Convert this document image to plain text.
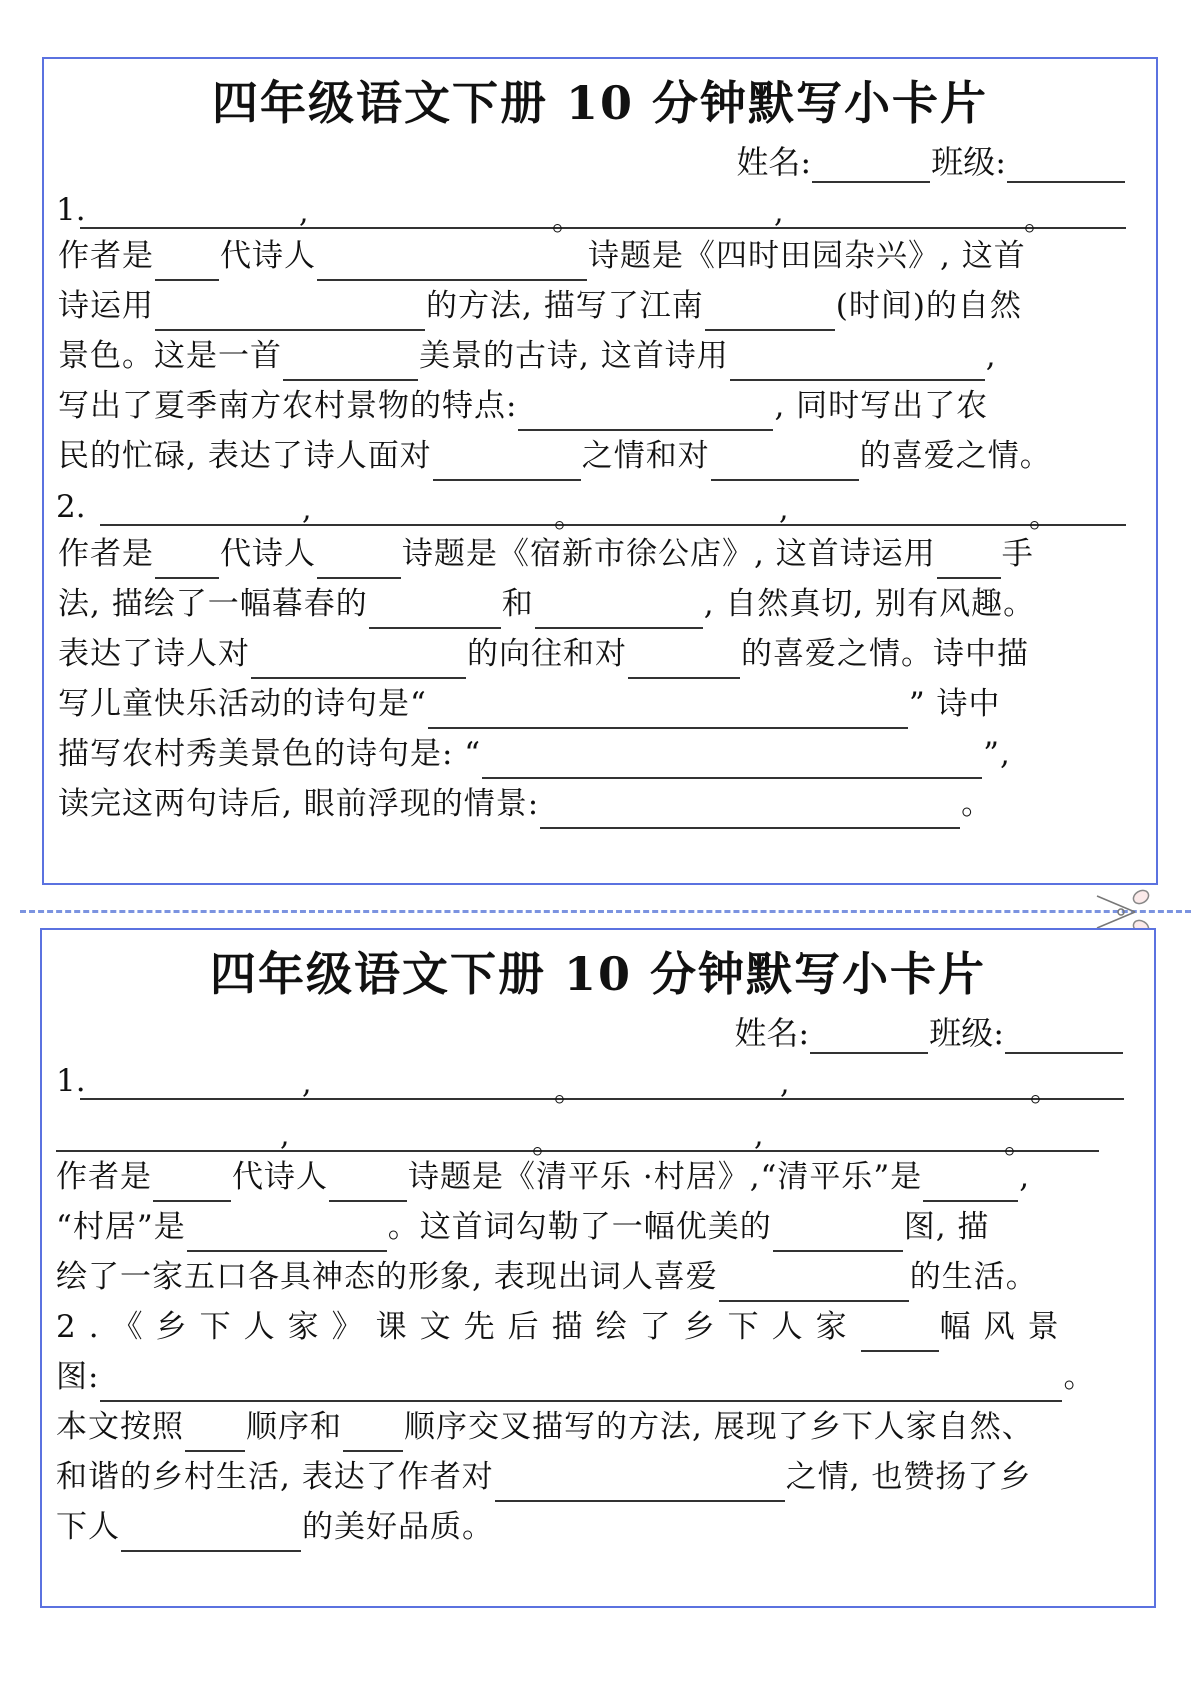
四年级语文下册 10 分钟默写小卡片
姓名:	班级:
1.	,	。	,	。
作者是 代诗人	诗题是《四时田园杂兴》, 这首
诗运用	的方法, 描写了江南	(时间)的自然
景色。这是一首	美景的古诗, 这首诗用	,
写出了夏季南方农村景物的特点:	, 同时写出了农
民的忙碌, 表达了诗人面对	之情和对	的喜爱之情。
2.	,	。	,	。
作者是 代诗人	诗题是《宿新市徐公店》, 这首诗运用 手
法, 描绘了一幅暮春的	和	, 自然真切, 别有风趣。
表达了诗人对	的向往和对	的喜爱之情。诗中描
写儿童快乐活动的诗句是“	” 诗中
描写农村秀美景色的诗句是: “	”,
读完这两句诗后, 眼前浮现的情景:	。
四年级语文下册 10 分钟默写小卡片
姓名:	班级:
1.	,	。	,	。
,	。	,	。
作者是	代诗人	诗题是《清平乐 ·村居》,“清平乐”是	,
“村居”是	。这首词勾勒了一幅优美的	图, 描
绘了一家五口各具神态的形象, 表现出词人喜爱	的生活。
2.《乡下人家》课文先后描绘了乡下人家	幅风景
图:	。
本文按照 顺序和 顺序交叉描写的方法, 展现了乡下人家自然、
和谐的乡村生活, 表达了作者对	之情, 也赞扬了乡
下人	的美好品质。
